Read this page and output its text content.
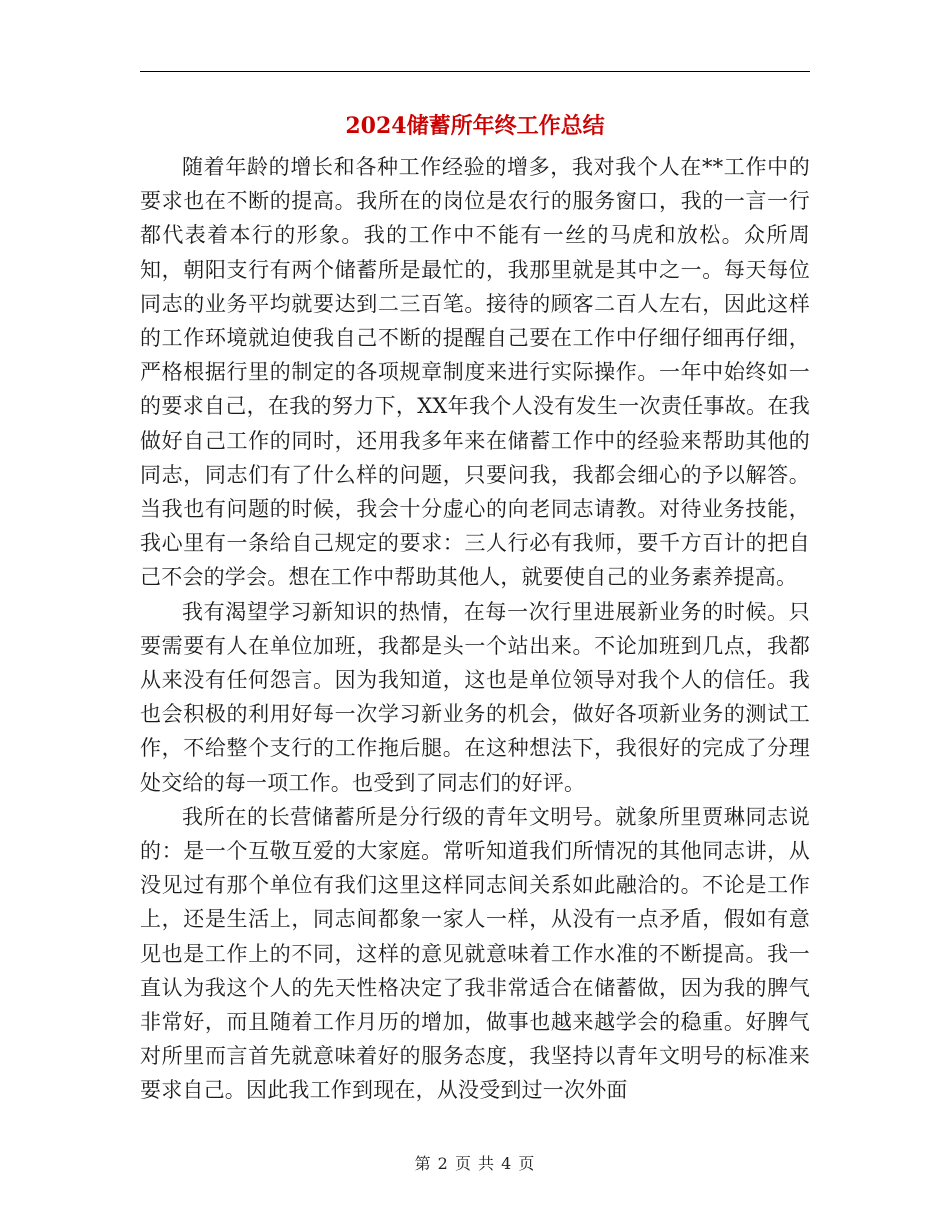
2024储蓄所年终工作总结

随着年龄的增长和各种工作经验的增多，我对我个人在**工作中的要求也在不断的提高。我所在的岗位是农行的服务窗口，我的一言一行都代表着本行的形象。我的工作中不能有一丝的马虎和放松。众所周知，朝阳支行有两个储蓄所是最忙的，我那里就是其中之一。每天每位同志的业务平均就要达到二三百笔。接待的顾客二百人左右，因此这样的工作环境就迫使我自己不断的提醒自己要在工作中仔细仔细再仔细，严格根据行里的制定的各项规章制度来进行实际操作。一年中始终如一的要求自己，在我的努力下，XX年我个人没有发生一次责任事故。在我做好自己工作的同时，还用我多年来在储蓄工作中的经验来帮助其他的同志，同志们有了什么样的问题，只要问我，我都会细心的予以解答。当我也有问题的时候，我会十分虚心的向老同志请教。对待业务技能，我心里有一条给自己规定的要求：三人行必有我师，要千方百计的把自己不会的学会。想在工作中帮助其他人，就要使自己的业务素养提高。

我有渴望学习新知识的热情，在每一次行里进展新业务的时候。只要需要有人在单位加班，我都是头一个站出来。不论加班到几点，我都从来没有任何怨言。因为我知道，这也是单位领导对我个人的信任。我也会积极的利用好每一次学习新业务的机会，做好各项新业务的测试工作，不给整个支行的工作拖后腿。在这种想法下，我很好的完成了分理处交给的每一项工作。也受到了同志们的好评。

我所在的长营储蓄所是分行级的青年文明号。就象所里贾琳同志说的：是一个互敬互爱的大家庭。常听知道我们所情况的其他同志讲，从没见过有那个单位有我们这里这样同志间关系如此融洽的。不论是工作上，还是生活上，同志间都象一家人一样，从没有一点矛盾，假如有意见也是工作上的不同，这样的意见就意味着工作水准的不断提高。我一直认为我这个人的先天性格决定了我非常适合在储蓄做，因为我的脾气非常好，而且随着工作月历的增加，做事也越来越学会的稳重。好脾气对所里而言首先就意味着好的服务态度，我坚持以青年文明号的标准来要求自己。因此我工作到现在，从没受到过一次外面

第 2 页 共 4 页
